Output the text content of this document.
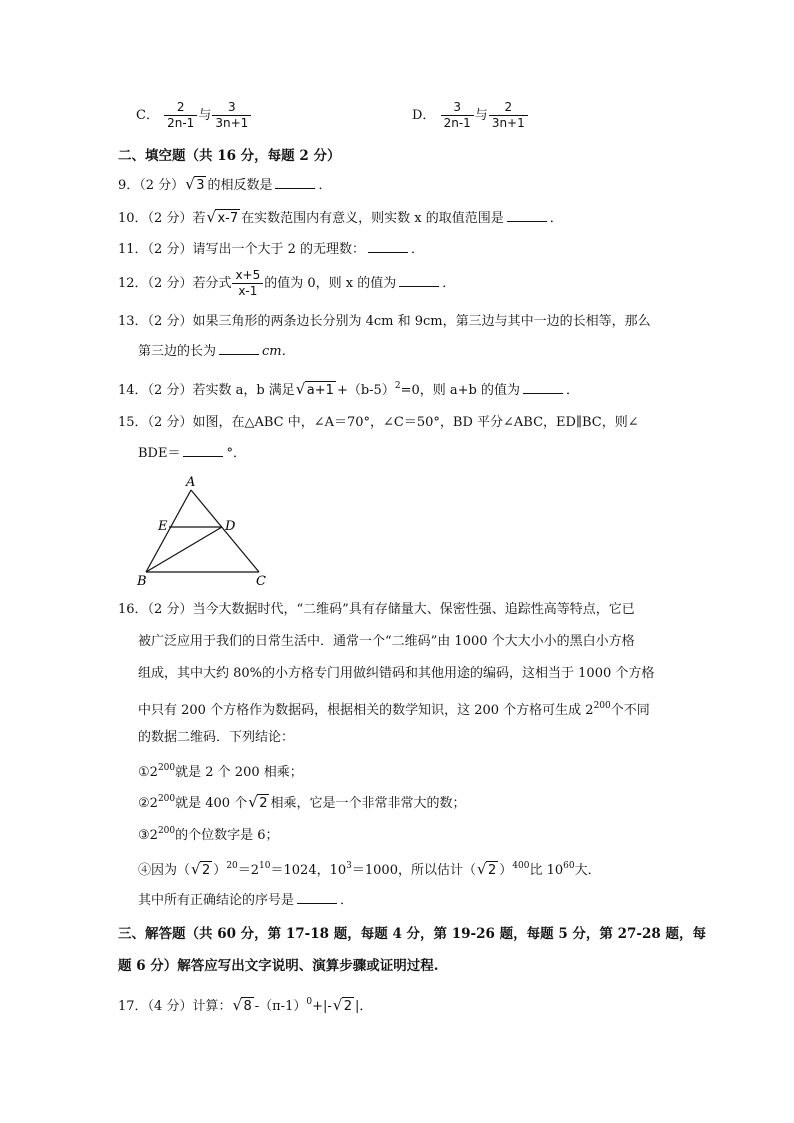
C． $\frac{2}{2n-1}$ 与 $\frac{3}{3n+1}$	D． $\frac{3}{2n-1}$ 与 $\frac{2}{3n+1}$
二、填空题（共 16 分，每题 2 分）
9．（2 分） √ 3 的相反数是	．
10．（2 分）若 √ x-7 在实数范围内有意义，则实数 x 的取值范围是	．
11．（2 分）请写出一个大于 2 的无理数：	．
12．（2 分）若分式 $\frac{x+5}{x-1}$ 的值为 0，则 x 的值为	．
13．（2 分）如果三角形的两条边长分别为 4cm 和 9cm，第三边与其中一边的长相等，那么
第三边的长为	cm．
14．（2 分）若实数 a，b 满足 √ $a+1 +(b-5)^2=0$，则 a+b 的值为	．
15．（2 分）如图，在△ABC 中，∠A＝70°，∠C＝50°，BD 平分∠ABC，ED∥BC，则∠
BDE＝	°．
A
E	D
B	C
16．（2 分）当今大数据时代，“二维码”具有存储量大、保密性强、追踪性高等特点，它已
被广泛应用于我们的日常生活中．通常一个“二维码”由 1000 个大大小小的黑白小方格
组成，其中大约 80%的小方格专门用做纠错码和其他用途的编码，这相当于 1000 个方格
中只有 200 个方格作为数据码，根据相关的数学知识，这 200 个方格可生成 $2^{200}$个不同
的数据二维码．下列结论：
$①2^{200}$就是 2 个 200 相乘；
$②2^{200}$就是 400 个 √ 2 相乘，它是一个非常非常大的数；
$③2^{200}$的个位数字是 6；
④因为（ √ 2 ）$^{20}=2^{10}=1024$，$10^3=1000$，所以估计（ √ 2 ）$^{400}$比 $10^{60}$大．
其中所有正确结论的序号是	．
三、解答题（共 60 分，第 17-18 题，每题 4 分，第 19-26 题，每题 5 分，第 27-28 题，每
题 6 分）解答应写出文字说明、演算步骤或证明过程.
17．（4 分）计算： √ 8 $-(\pi-1)^0+|-$ √ 2 |．
